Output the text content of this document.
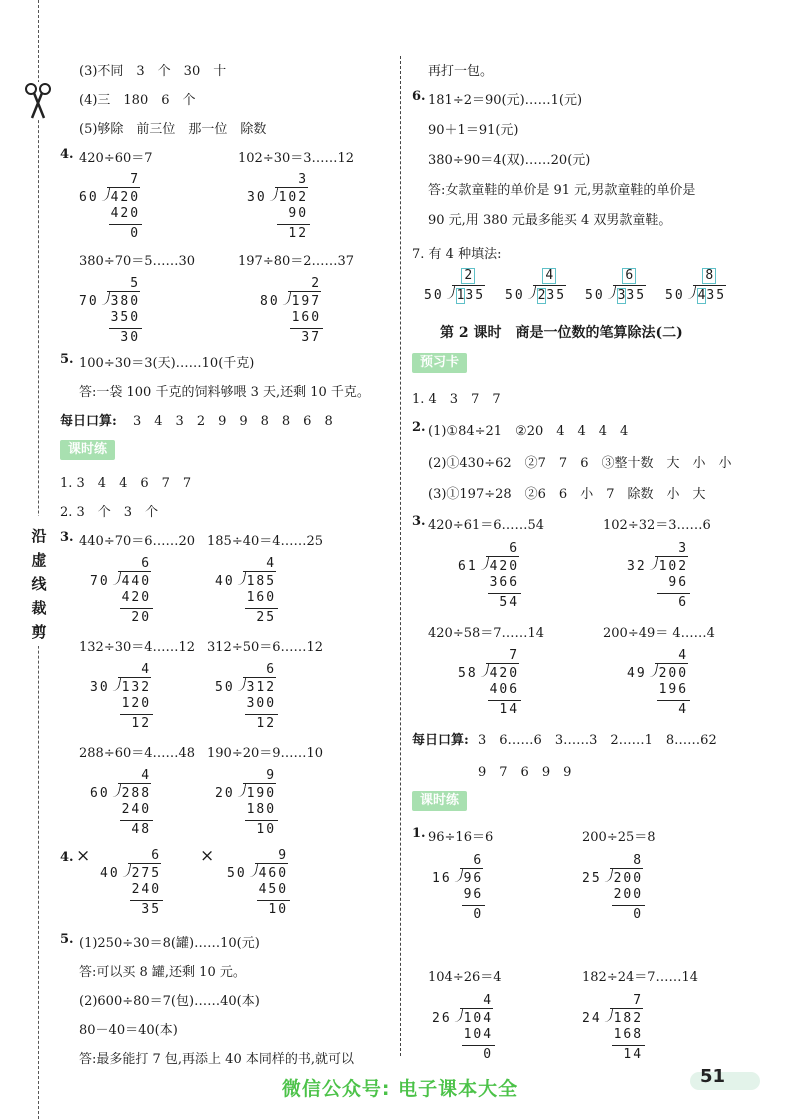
沿虚线裁剪
(3)不同　3　个　30　十
(4)三　180　6　个
(5)够除　前三位　那一位　除数
4. 420÷60＝7	102÷30＝3……12
7
60 420
420
0
3
30 102
90
12
380÷70＝5……30	197÷80＝2……37
5
70 380
350
30
2
80 197
160
37
5. 100÷30＝3(天)……10(千克)
答:一袋 100 千克的饲料够喂 3 天,还剩 10 千克。
每日口算: 3　4　3　2　9　9　8　8　6　8
课时练
1. 3　4　4　6　7　7
2. 3　个　3　个
3. 440÷70＝6……20 185÷40＝4……25
6
70 440
420
20
4
40 185
160
25
132÷30＝4……12 312÷50＝6……12
4
30 132
120
12
6
50 312
300
12
288÷60＝4……48 190÷20＝9……10
4
60 288
240
48
9
20 190
180
10
4. ×	×
6
40 275
240
35
9
50 460
450
10
5. (1)250÷30＝8(罐)……10(元)
答:可以买 8 罐,还剩 10 元。
(2)600÷80＝7(包)……40(本)
80－40＝40(本)
答:最多能打 7 包,再添上 40 本同样的书,就可以
再打一包。
6. 181÷2＝90(元)……1(元)
90＋1＝91(元)
380÷90＝4(双)……20(元)
答:女款童鞋的单价是 91 元,男款童鞋的单价是
90 元,用 380 元最多能买 4 双男款童鞋。
7. 有 4 种填法:
2
50 135
4
50 235
6
50 335
8
50 435
第 2 课时　商是一位数的笔算除法(二)
预习卡
1. 4　3　7　7
2. (1)①84÷21　②20　4　4　4　4
(2)①430÷62　②7　7　6　③整十数　大　小　小
(3)①197÷28　②6　6　小　7　除数　小　大
3. 420÷61＝6……54	102÷32＝3……6
6
61 420
366
54
3
32 102
96
6
420÷58＝7……14	200÷49＝ 4……4
7
58 420
406
14
4
49 200
196
4
每日口算: 3　6……6　3……3　2……1　8……62
9　7　6　9　9
课时练
1. 96÷16＝6	200÷25＝8
6
16 96
96
0
8
25 200
200
0
104÷26＝4	182÷24＝7……14
4
26 104
104
0
7
24 182
168
14
微信公众号: 电子课本大全
51
